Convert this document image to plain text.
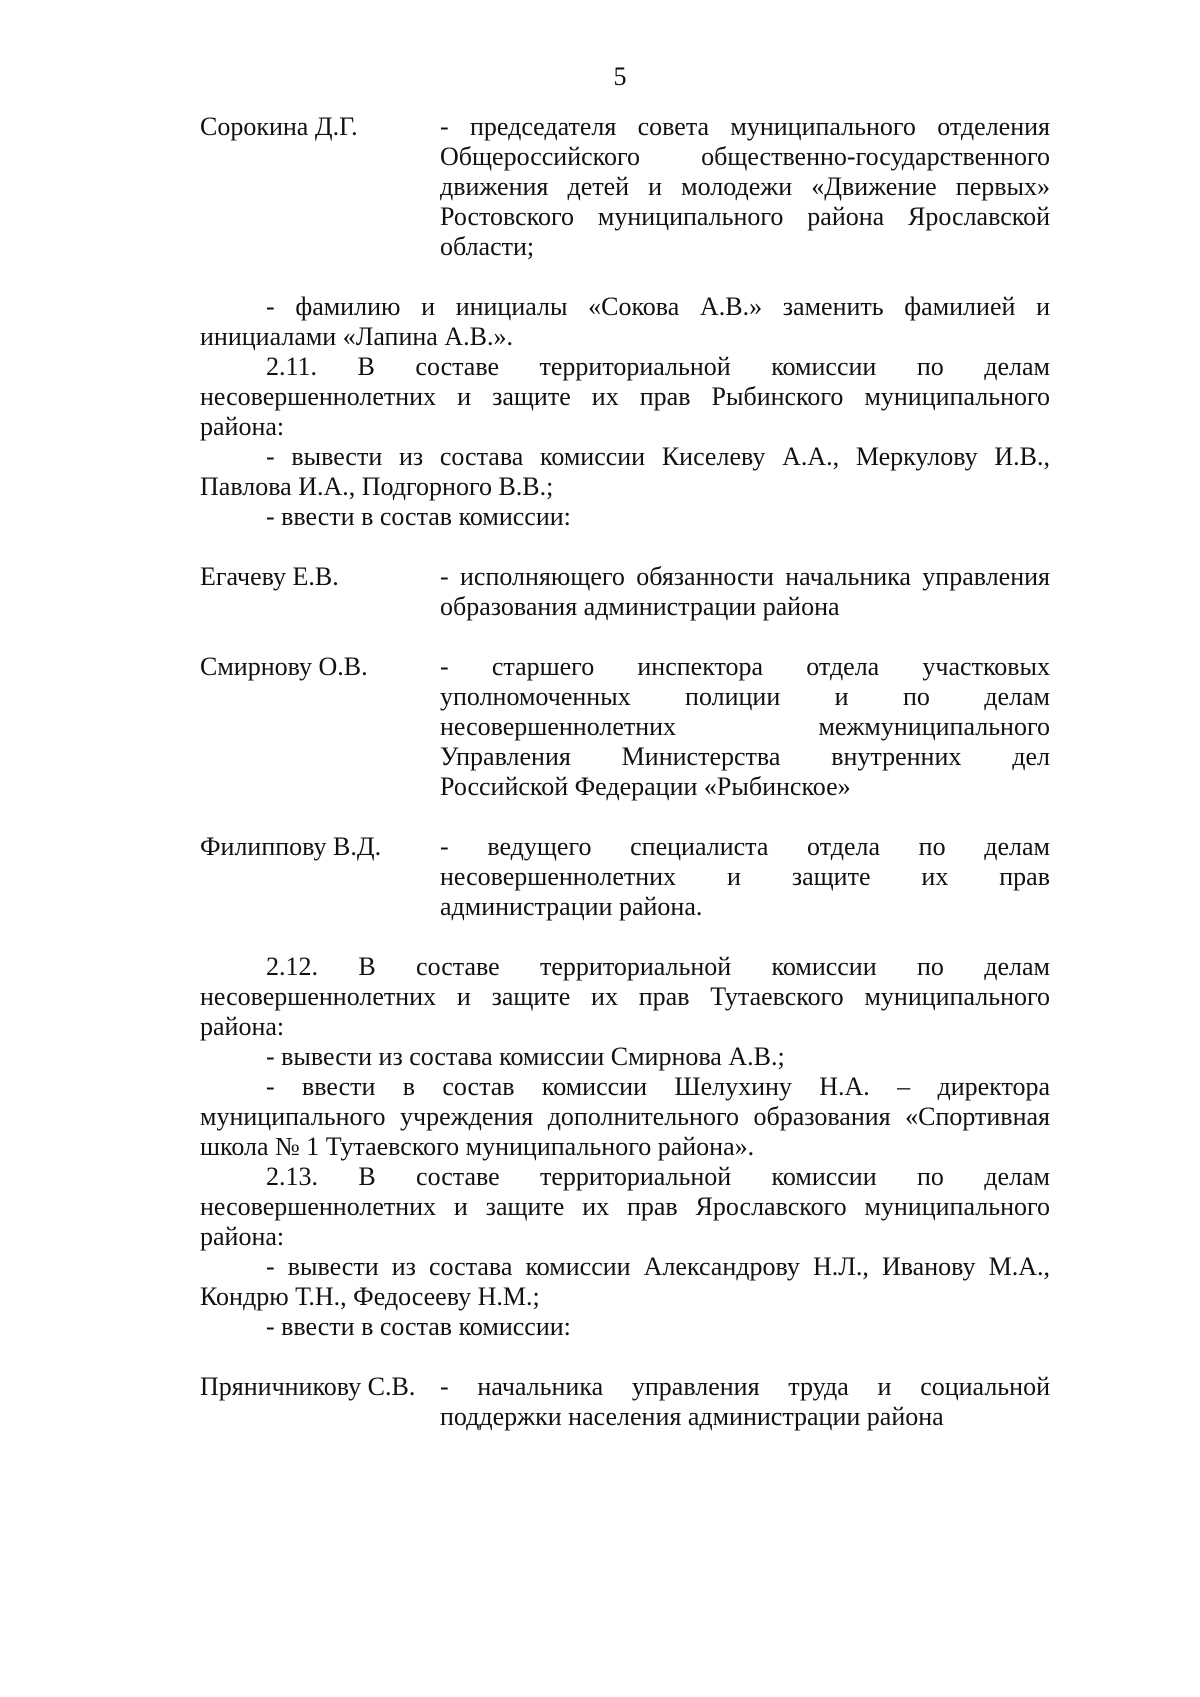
5
Сорокина Д.Г.	- председателя совета муниципального отделения Общероссийского общественно-государственного движения детей и молодежи «Движение первых» Ростовского муниципального района Ярославской области;
- фамилию и инициалы «Сокова А.В.» заменить фамилией и инициалами «Лапина А.В.».
2.11. В составе территориальной комиссии по делам несовершеннолетних и защите их прав Рыбинского муниципального района:
- вывести из состава комиссии Киселеву А.А., Меркулову И.В., Павлова И.А., Подгорного В.В.;
- ввести в состав комиссии:
Егачеву Е.В.	- исполняющего обязанности начальника управления образования администрации района
Смирнову О.В.	- старшего инспектора отдела участковых уполномоченных полиции и по делам несовершеннолетних межмуниципального Управления Министерства внутренних дел Российской Федерации «Рыбинское»
Филиппову В.Д.	- ведущего специалиста отдела по делам несовершеннолетних и защите их прав администрации района.
2.12. В составе территориальной комиссии по делам несовершеннолетних и защите их прав Тутаевского муниципального района:
- вывести из состава комиссии Смирнова А.В.;
- ввести в состав комиссии Шелухину Н.А. – директора муниципального учреждения дополнительного образования «Спортивная школа № 1 Тутаевского муниципального района».
2.13. В составе территориальной комиссии по делам несовершеннолетних и защите их прав Ярославского муниципального района:
- вывести из состава комиссии Александрову Н.Л., Иванову М.А., Кондрю Т.Н., Федосееву Н.М.;
- ввести в состав комиссии:
Пряничникову С.В. - начальника управления труда и социальной поддержки населения администрации района
